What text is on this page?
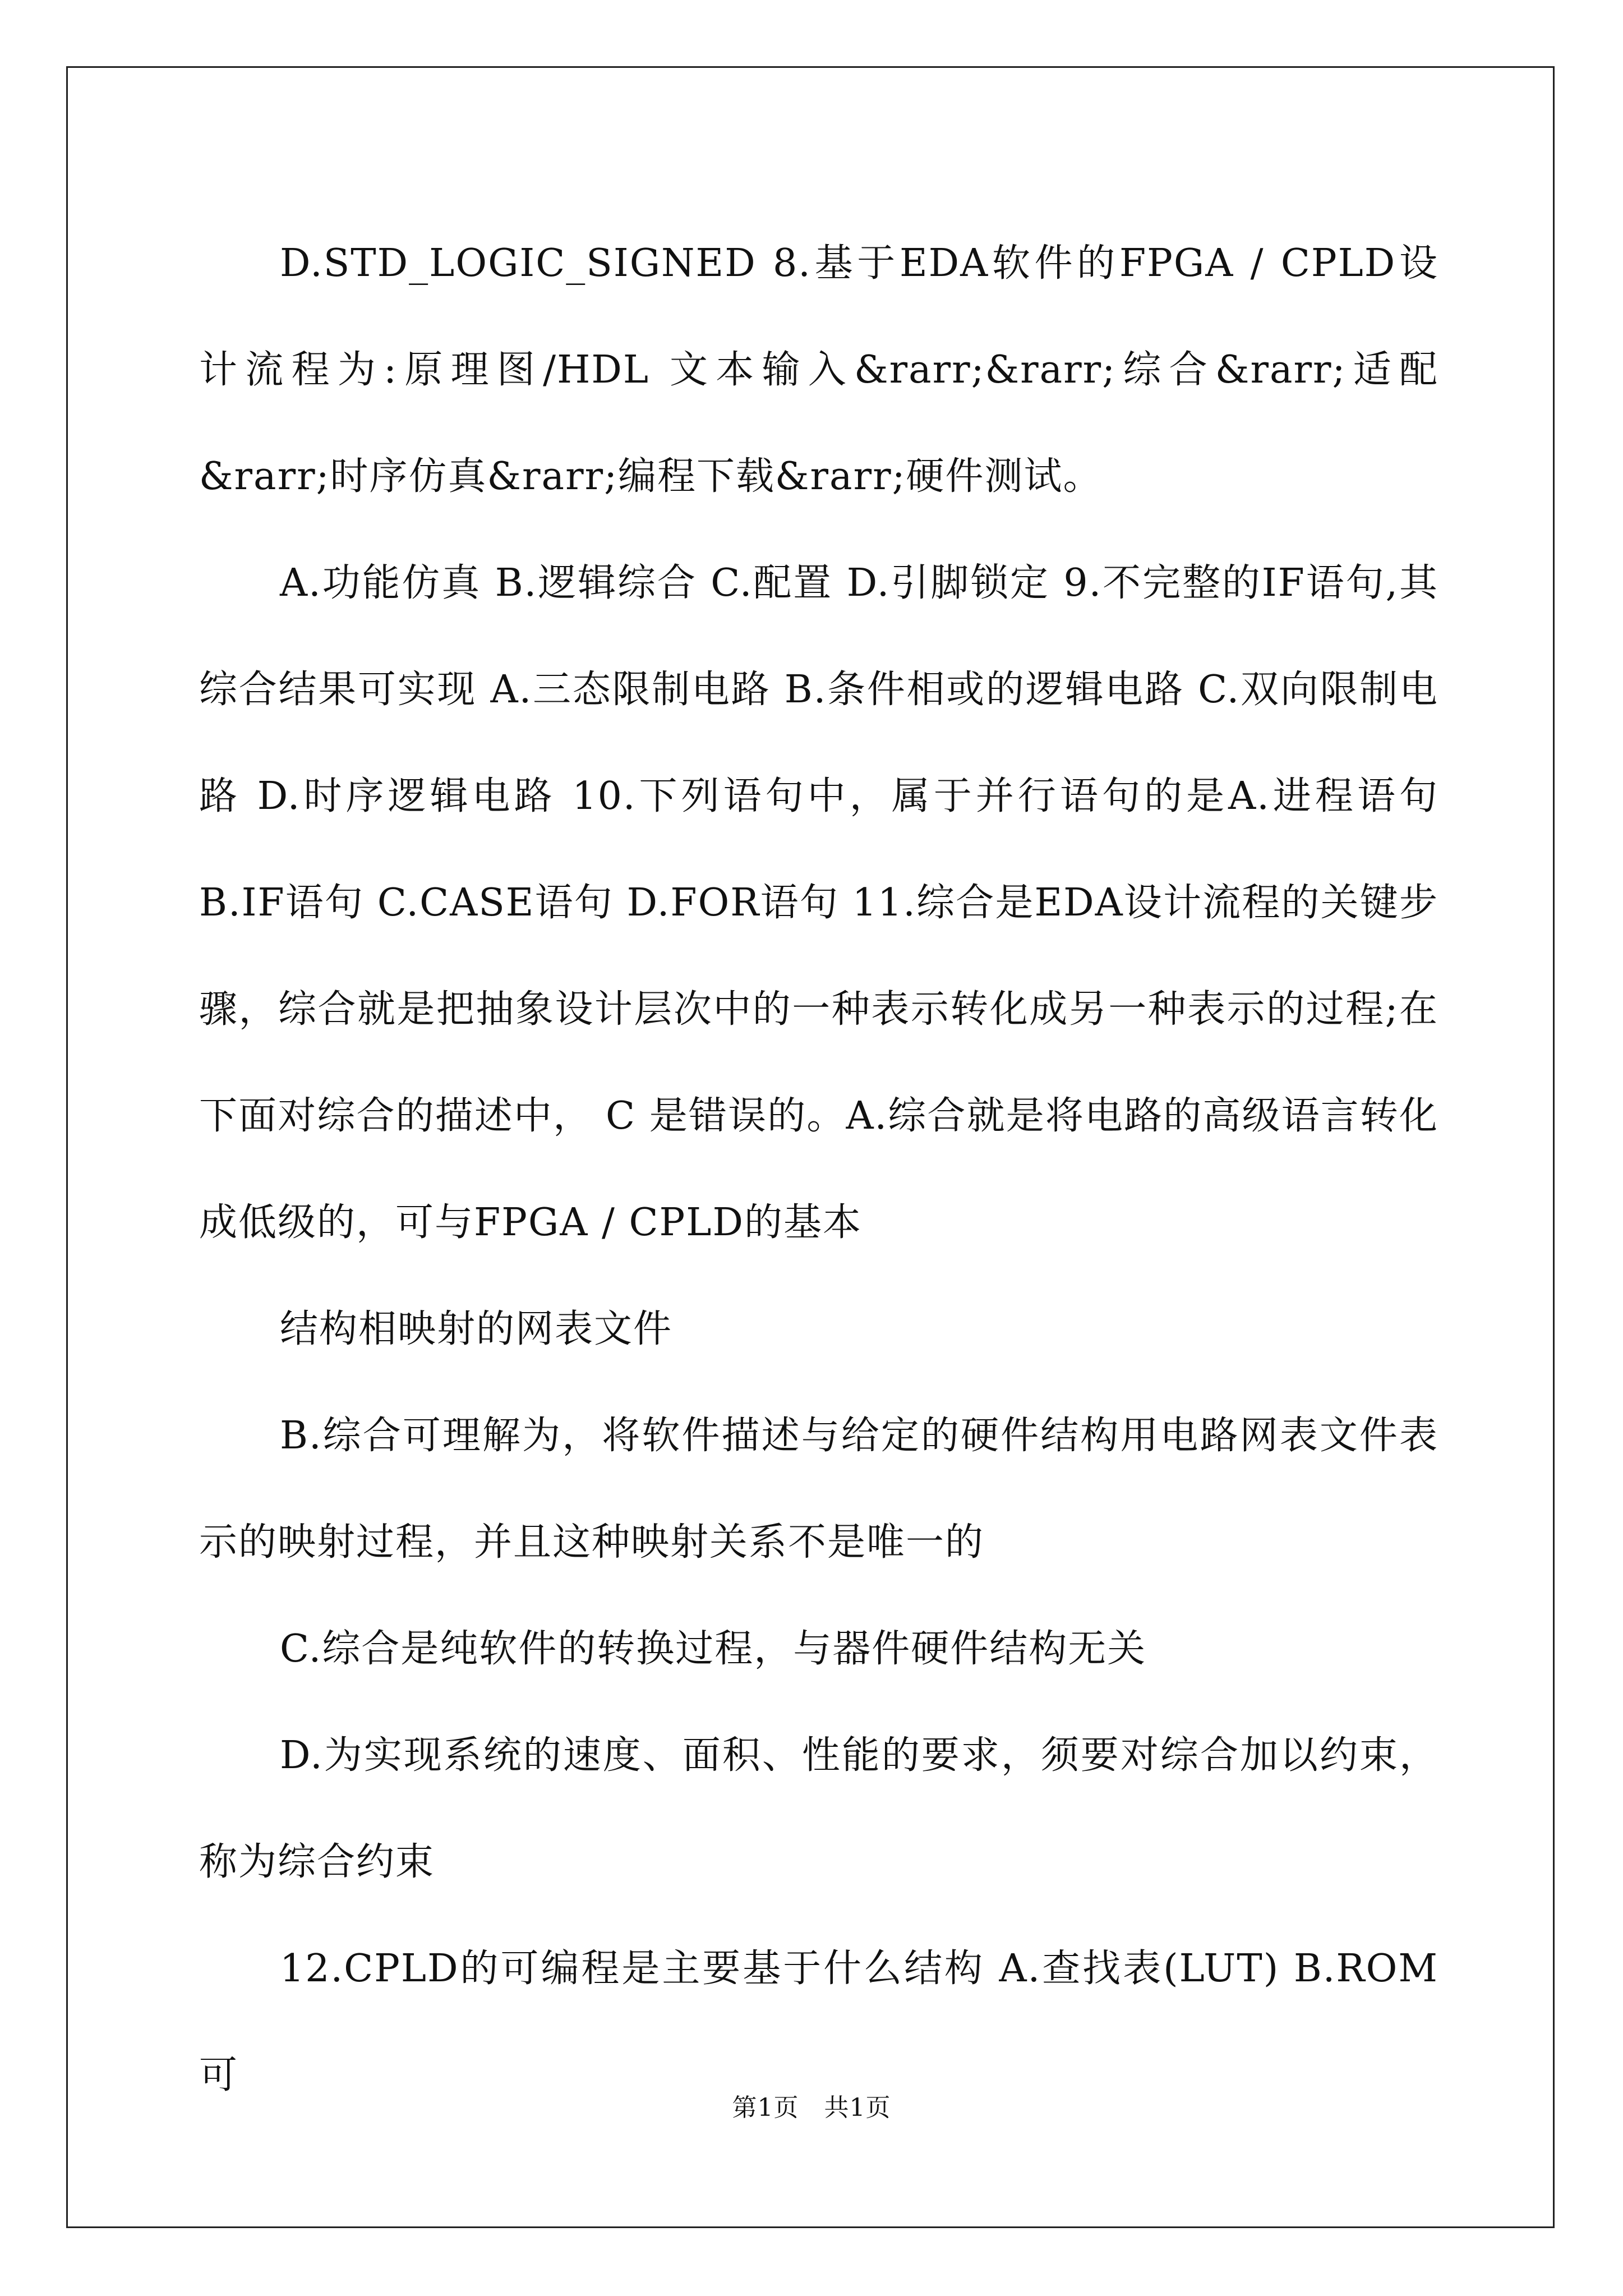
D.STD_LOGIC_SIGNED 8.基于EDA软件的FPGA / CPLD设计流程为:原理图/HDL 文本输入&rarr;&rarr;综合&rarr;适配&rarr;时序仿真&rarr;编程下载&rarr;硬件测试。

A.功能仿真 B.逻辑综合 C.配置 D.引脚锁定 9.不完整的IF语句,其综合结果可实现 A.三态限制电路 B.条件相或的逻辑电路 C.双向限制电路 D.时序逻辑电路 10.下列语句中，属于并行语句的是A.进程语句 B.IF语句 C.CASE语句 D.FOR语句 11.综合是EDA设计流程的关键步骤，综合就是把抽象设计层次中的一种表示转化成另一种表示的过程;在下面对综合的描述中， C 是错误的。A.综合就是将电路的高级语言转化成低级的，可与FPGA / CPLD的基本

结构相映射的网表文件

B.综合可理解为，将软件描述与给定的硬件结构用电路网表文件表示的映射过程，并且这种映射关系不是唯一的

C.综合是纯软件的转换过程，与器件硬件结构无关

D.为实现系统的速度、面积、性能的要求，须要对综合加以约束，称为综合约束

12.CPLD的可编程是主要基于什么结构 A.查找表(LUT) B.ROM可

第1页　共1页
